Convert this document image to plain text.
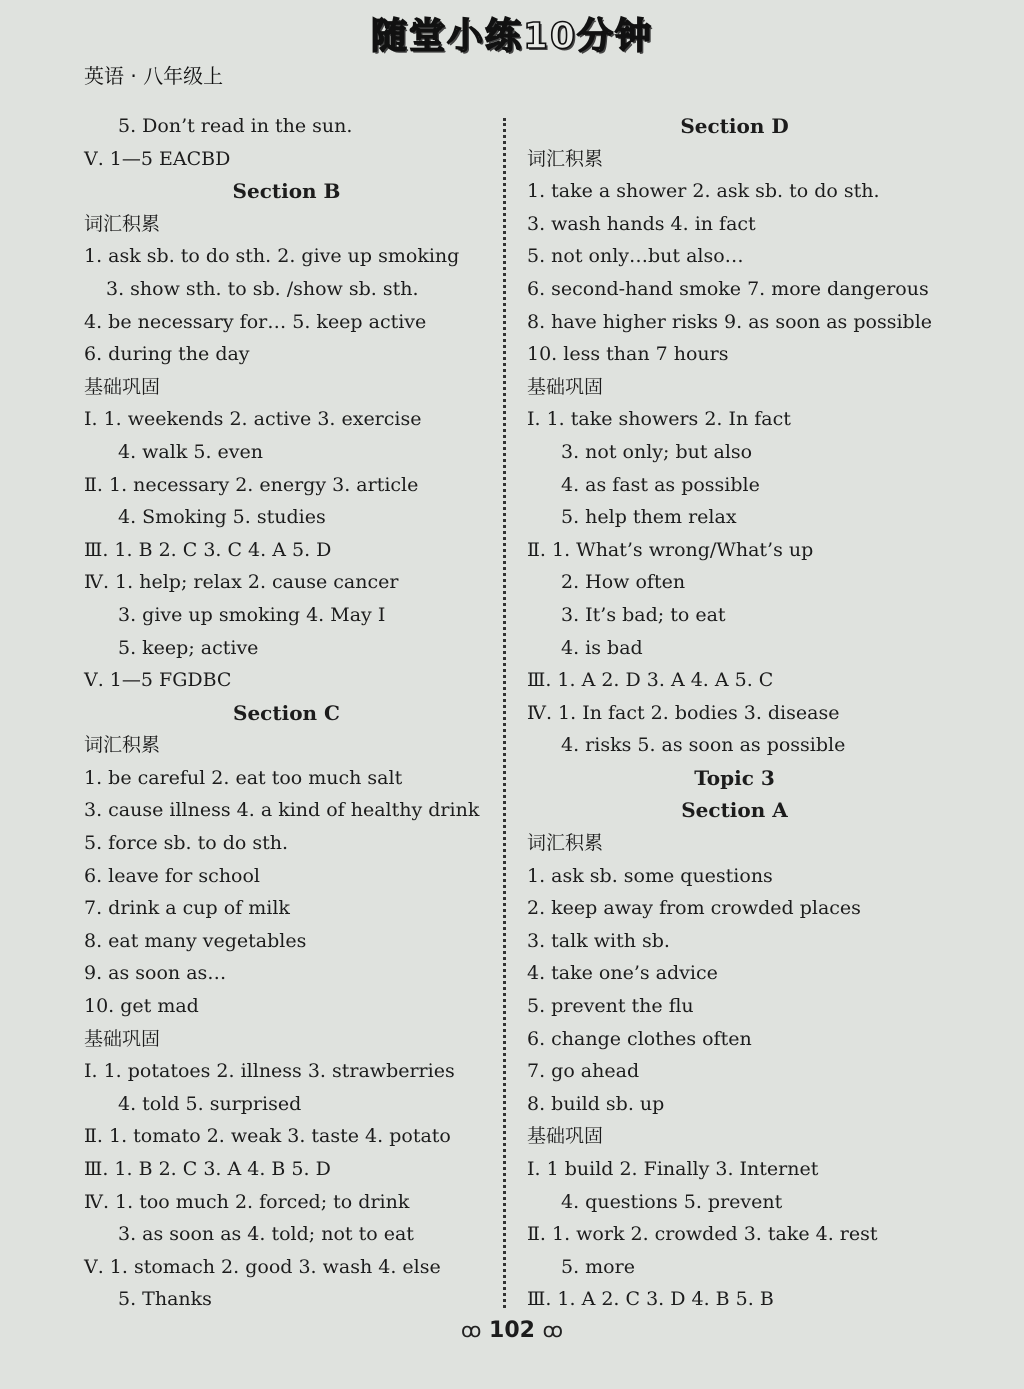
随堂小练10分钟
英语 · 八年级上
5. Don’t read in the sun.
Ⅴ. 1—5 EACBD
Section B
词汇积累
1. ask sb. to do sth. 2. give up smoking
3. show sth. to sb. /show sb. sth.
4. be necessary for… 5. keep active
6. during the day
基础巩固
Ⅰ. 1. weekends 2. active 3. exercise
4. walk 5. even
Ⅱ. 1. necessary 2. energy 3. article
4. Smoking 5. studies
Ⅲ. 1. B 2. C 3. C 4. A 5. D
Ⅳ. 1. help; relax 2. cause cancer
3. give up smoking 4. May I
5. keep; active
Ⅴ. 1—5 FGDBC
Section C
词汇积累
1. be careful 2. eat too much salt
3. cause illness 4. a kind of healthy drink
5. force sb. to do sth.
6. leave for school
7. drink a cup of milk
8. eat many vegetables
9. as soon as…
10. get mad
基础巩固
Ⅰ. 1. potatoes 2. illness 3. strawberries
4. told 5. surprised
Ⅱ. 1. tomato 2. weak 3. taste 4. potato
Ⅲ. 1. B 2. C 3. A 4. B 5. D
Ⅳ. 1. too much 2. forced; to drink
3. as soon as 4. told; not to eat
Ⅴ. 1. stomach 2. good 3. wash 4. else
5. Thanks
Section D
词汇积累
1. take a shower 2. ask sb. to do sth.
3. wash hands 4. in fact
5. not only…but also…
6. second-hand smoke 7. more dangerous
8. have higher risks 9. as soon as possible
10. less than 7 hours
基础巩固
Ⅰ. 1. take showers 2. In fact
3. not only; but also
4. as fast as possible
5. help them relax
Ⅱ. 1. What’s wrong/What’s up
2. How often
3. It’s bad; to eat
4. is bad
Ⅲ. 1. A 2. D 3. A 4. A 5. C
Ⅳ. 1. In fact 2. bodies 3. disease
4. risks 5. as soon as possible
Topic 3
Section A
词汇积累
1. ask sb. some questions
2. keep away from crowded places
3. talk with sb.
4. take one’s advice
5. prevent the flu
6. change clothes often
7. go ahead
8. build sb. up
基础巩固
Ⅰ. 1 build 2. Finally 3. Internet
4. questions 5. prevent
Ⅱ. 1. work 2. crowded 3. take 4. rest
5. more
Ⅲ. 1. A 2. C 3. D 4. B 5. B
ꝏ 102 ꝏ
